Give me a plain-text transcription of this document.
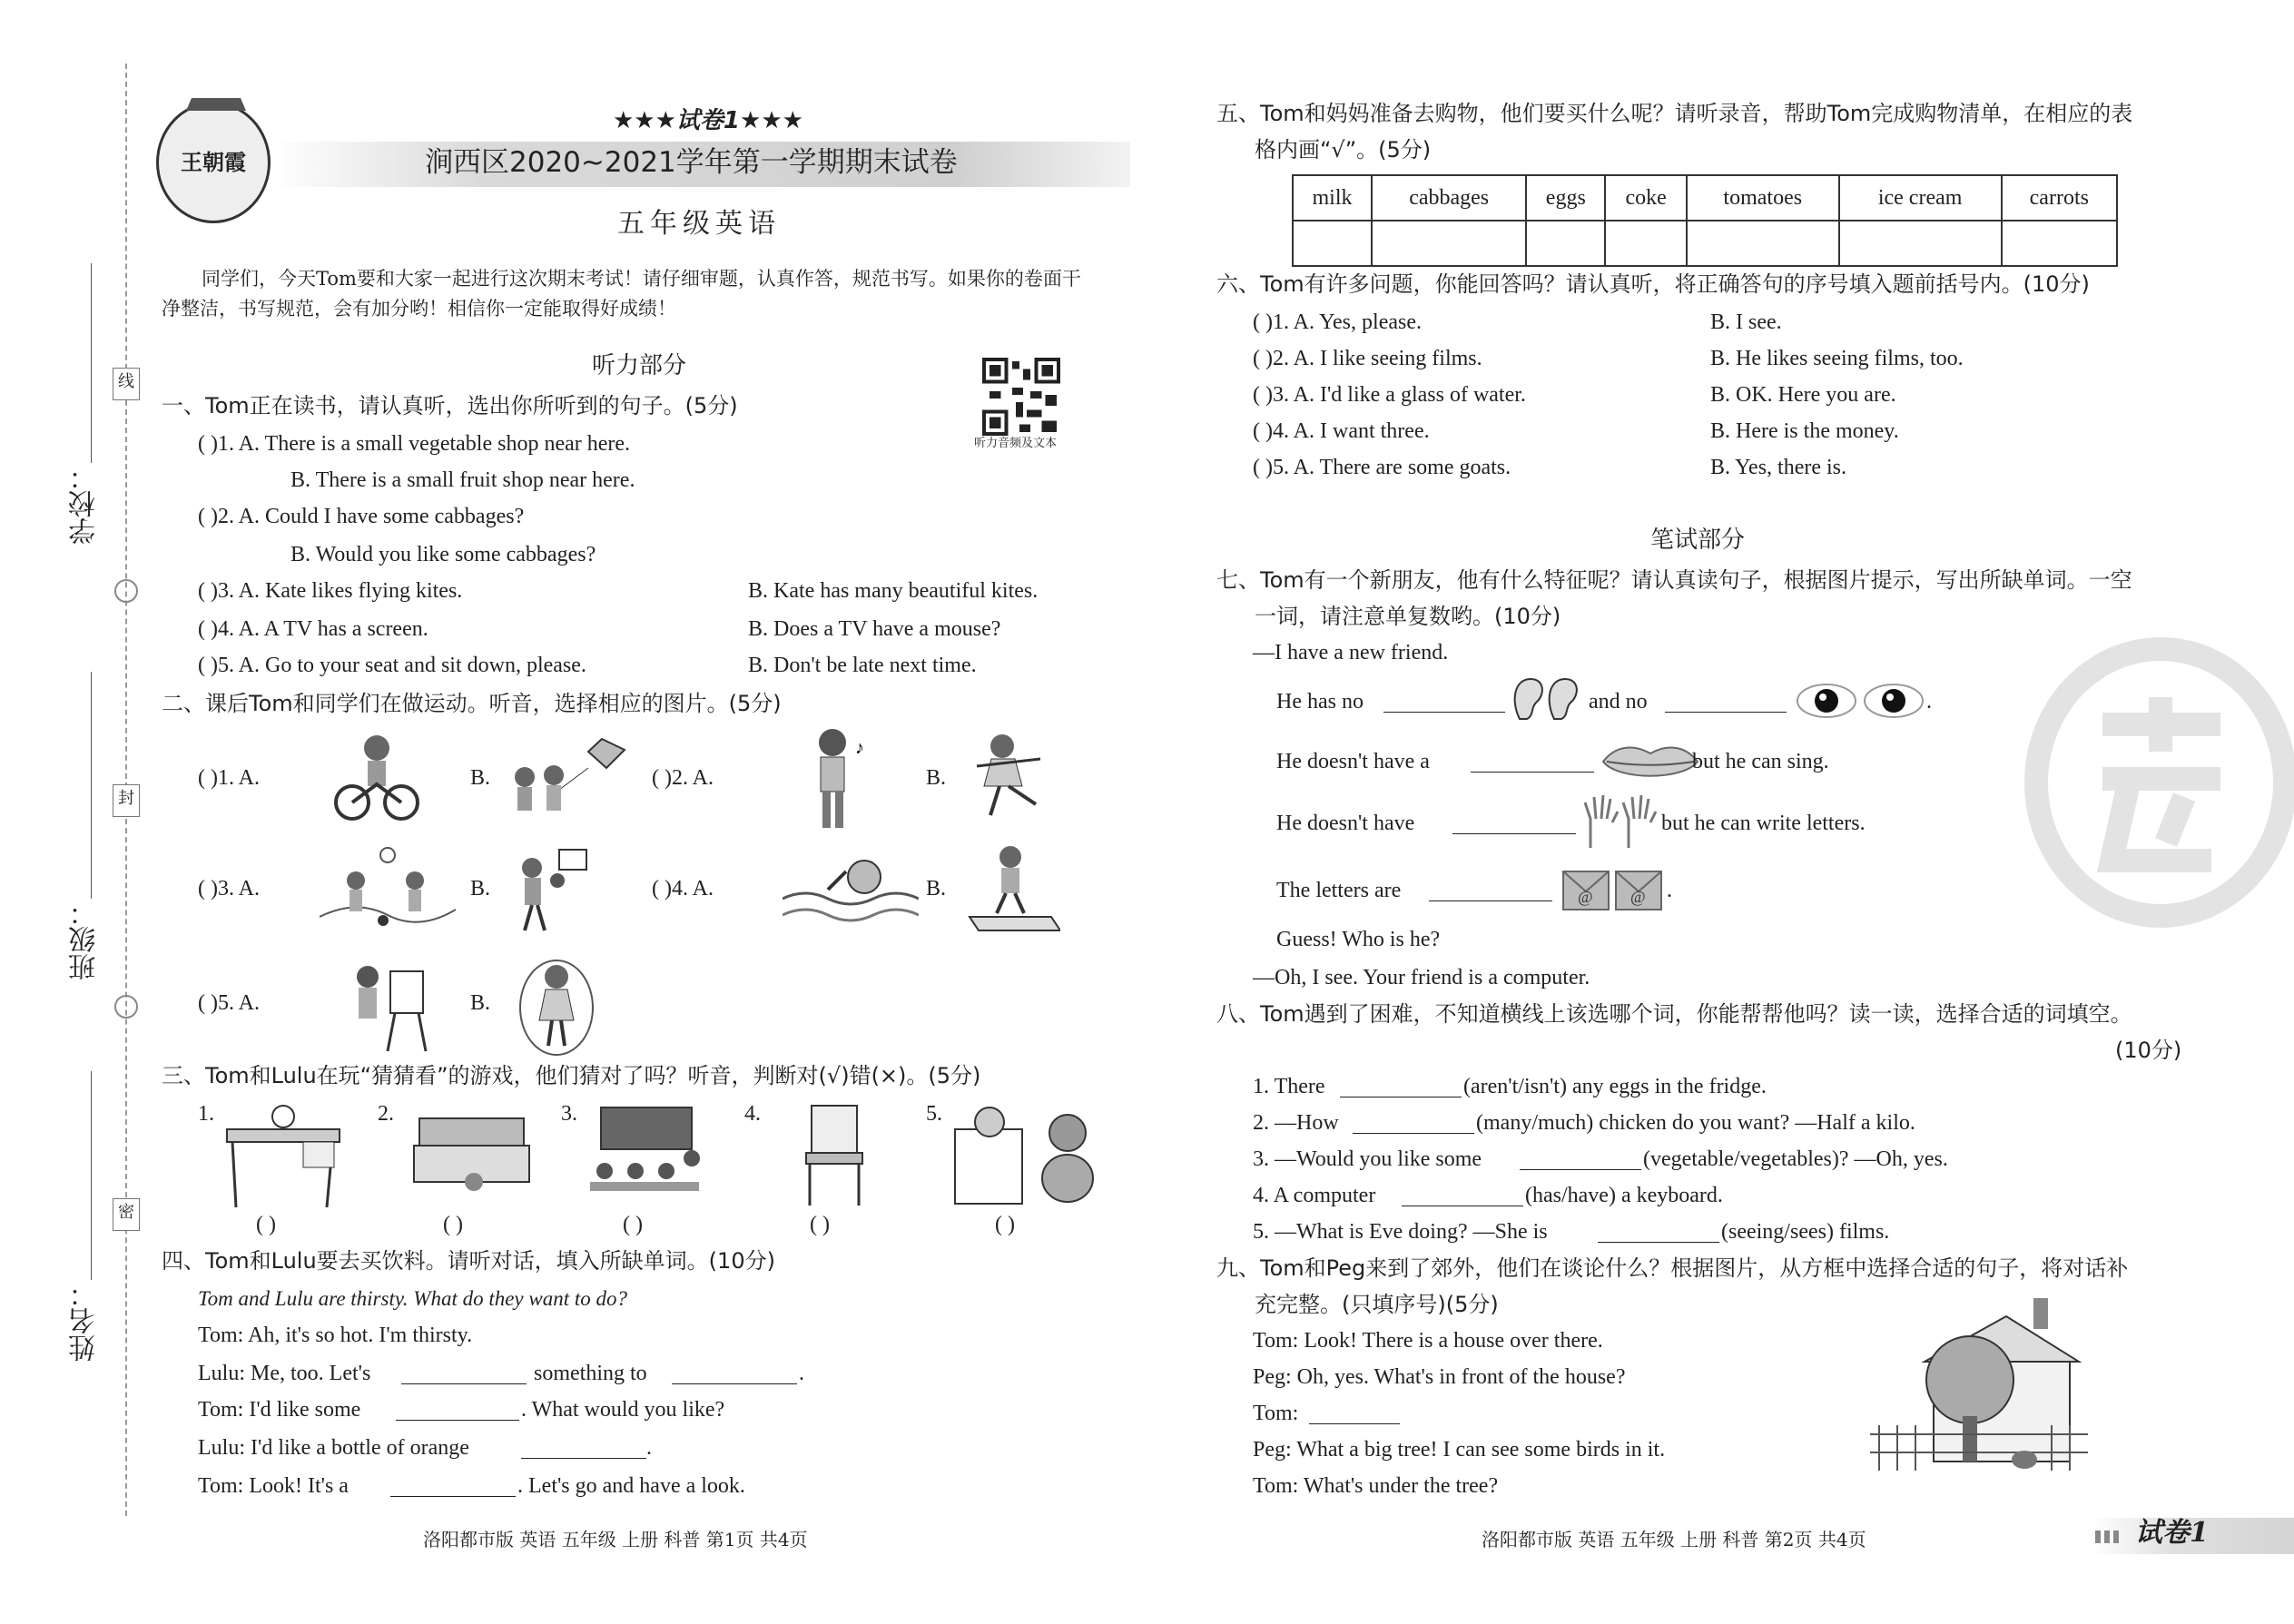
学校：
班级：
姓名：
线
封
密
王朝霞
★★★试卷1★★★
涧西区2020~2021学年第一学期期末试卷
五年级英语
同学们，今天Tom要和大家一起进行这次期末考试！请仔细审题，认真作答，规范书写。如果你的卷面干
净整洁，书写规范，会有加分哟！相信你一定能取得好成绩！
听力音频及文本
听力部分
一、Tom正在读书，请认真听，选出你所听到的句子。(5分)
( )1. A. There is a small vegetable shop near here.
B. There is a small fruit shop near here.
( )2. A. Could I have some cabbages?
B. Would you like some cabbages?
( )3. A. Kate likes flying kites.	B. Kate has many beautiful kites.
( )4. A. A TV has a screen.	B. Does a TV have a mouse?
( )5. A. Go to your seat and sit down, please.	B. Don't be late next time.
二、课后Tom和同学们在做运动。听音，选择相应的图片。(5分)
( )1. A.	B.	( )2. A.	B.
( )3. A.	B.	( )4. A.	B.
( )5. A.	B.
♪
三、Tom和Lulu在玩“猜猜看”的游戏，他们猜对了吗？听音，判断对(√)错(×)。(5分)
1.	2.	3.	4.	5.
( )	( )	( )	( )	( )
四、Tom和Lulu要去买饮料。请听对话，填入所缺单词。(10分)
Tom and Lulu are thirsty. What do they want to do?
Tom: Ah, it's so hot. I'm thirsty.
Lulu: Me, too. Let's	something to	.
Tom: I'd like some	. What would you like?
Lulu: I'd like a bottle of orange	.
Tom: Look! It's a	. Let's go and have a look.
五、Tom和妈妈准备去购物，他们要买什么呢？请听录音，帮助Tom完成购物清单，在相应的表
格内画“√”。(5分)
milk	cabbages	eggs	coke	tomatoes	ice cream	carrots

六、Tom有许多问题，你能回答吗？请认真听，将正确答句的序号填入题前括号内。(10分)
( )1. A. Yes, please.	B. I see.
( )2. A. I like seeing films.	B. He likes seeing films, too.
( )3. A. I'd like a glass of water.	B. OK. Here you are.
( )4. A. I want three.	B. Here is the money.
( )5. A. There are some goats.	B. Yes, there is.
笔试部分
七、Tom有一个新朋友，他有什么特征呢？请认真读句子，根据图片提示，写出所缺单词。一空
一词，请注意单复数哟。(10分)
—I have a new friend.
He has no	and no	.
He doesn't have a	but he can sing.
He doesn't have	but he can write letters.
The letters are	@ @ .
Guess! Who is he?
—Oh, I see. Your friend is a computer.
八、Tom遇到了困难，不知道横线上该选哪个词，你能帮帮他吗？读一读，选择合适的词填空。
(10分)
1. There	(aren't/isn't) any eggs in the fridge.
2. —How	(many/much) chicken do you want? —Half a kilo.
3. —Would you like some	(vegetable/vegetables)? —Oh, yes.
4. A computer	(has/have) a keyboard.
5. —What is Eve doing? —She is	(seeing/sees) films.
九、Tom和Peg来到了郊外，他们在谈论什么？根据图片，从方框中选择合适的句子，将对话补
充完整。(只填序号)(5分)
Tom: Look! There is a house over there.
Peg: Oh, yes. What's in front of the house?
Tom:
Peg: What a big tree! I can see some birds in it.
Tom: What's under the tree?
洛阳都市版 英语 五年级 上册 科普 第1页 共4页	洛阳都市版 英语 五年级 上册 科普 第2页 共4页	试卷1
